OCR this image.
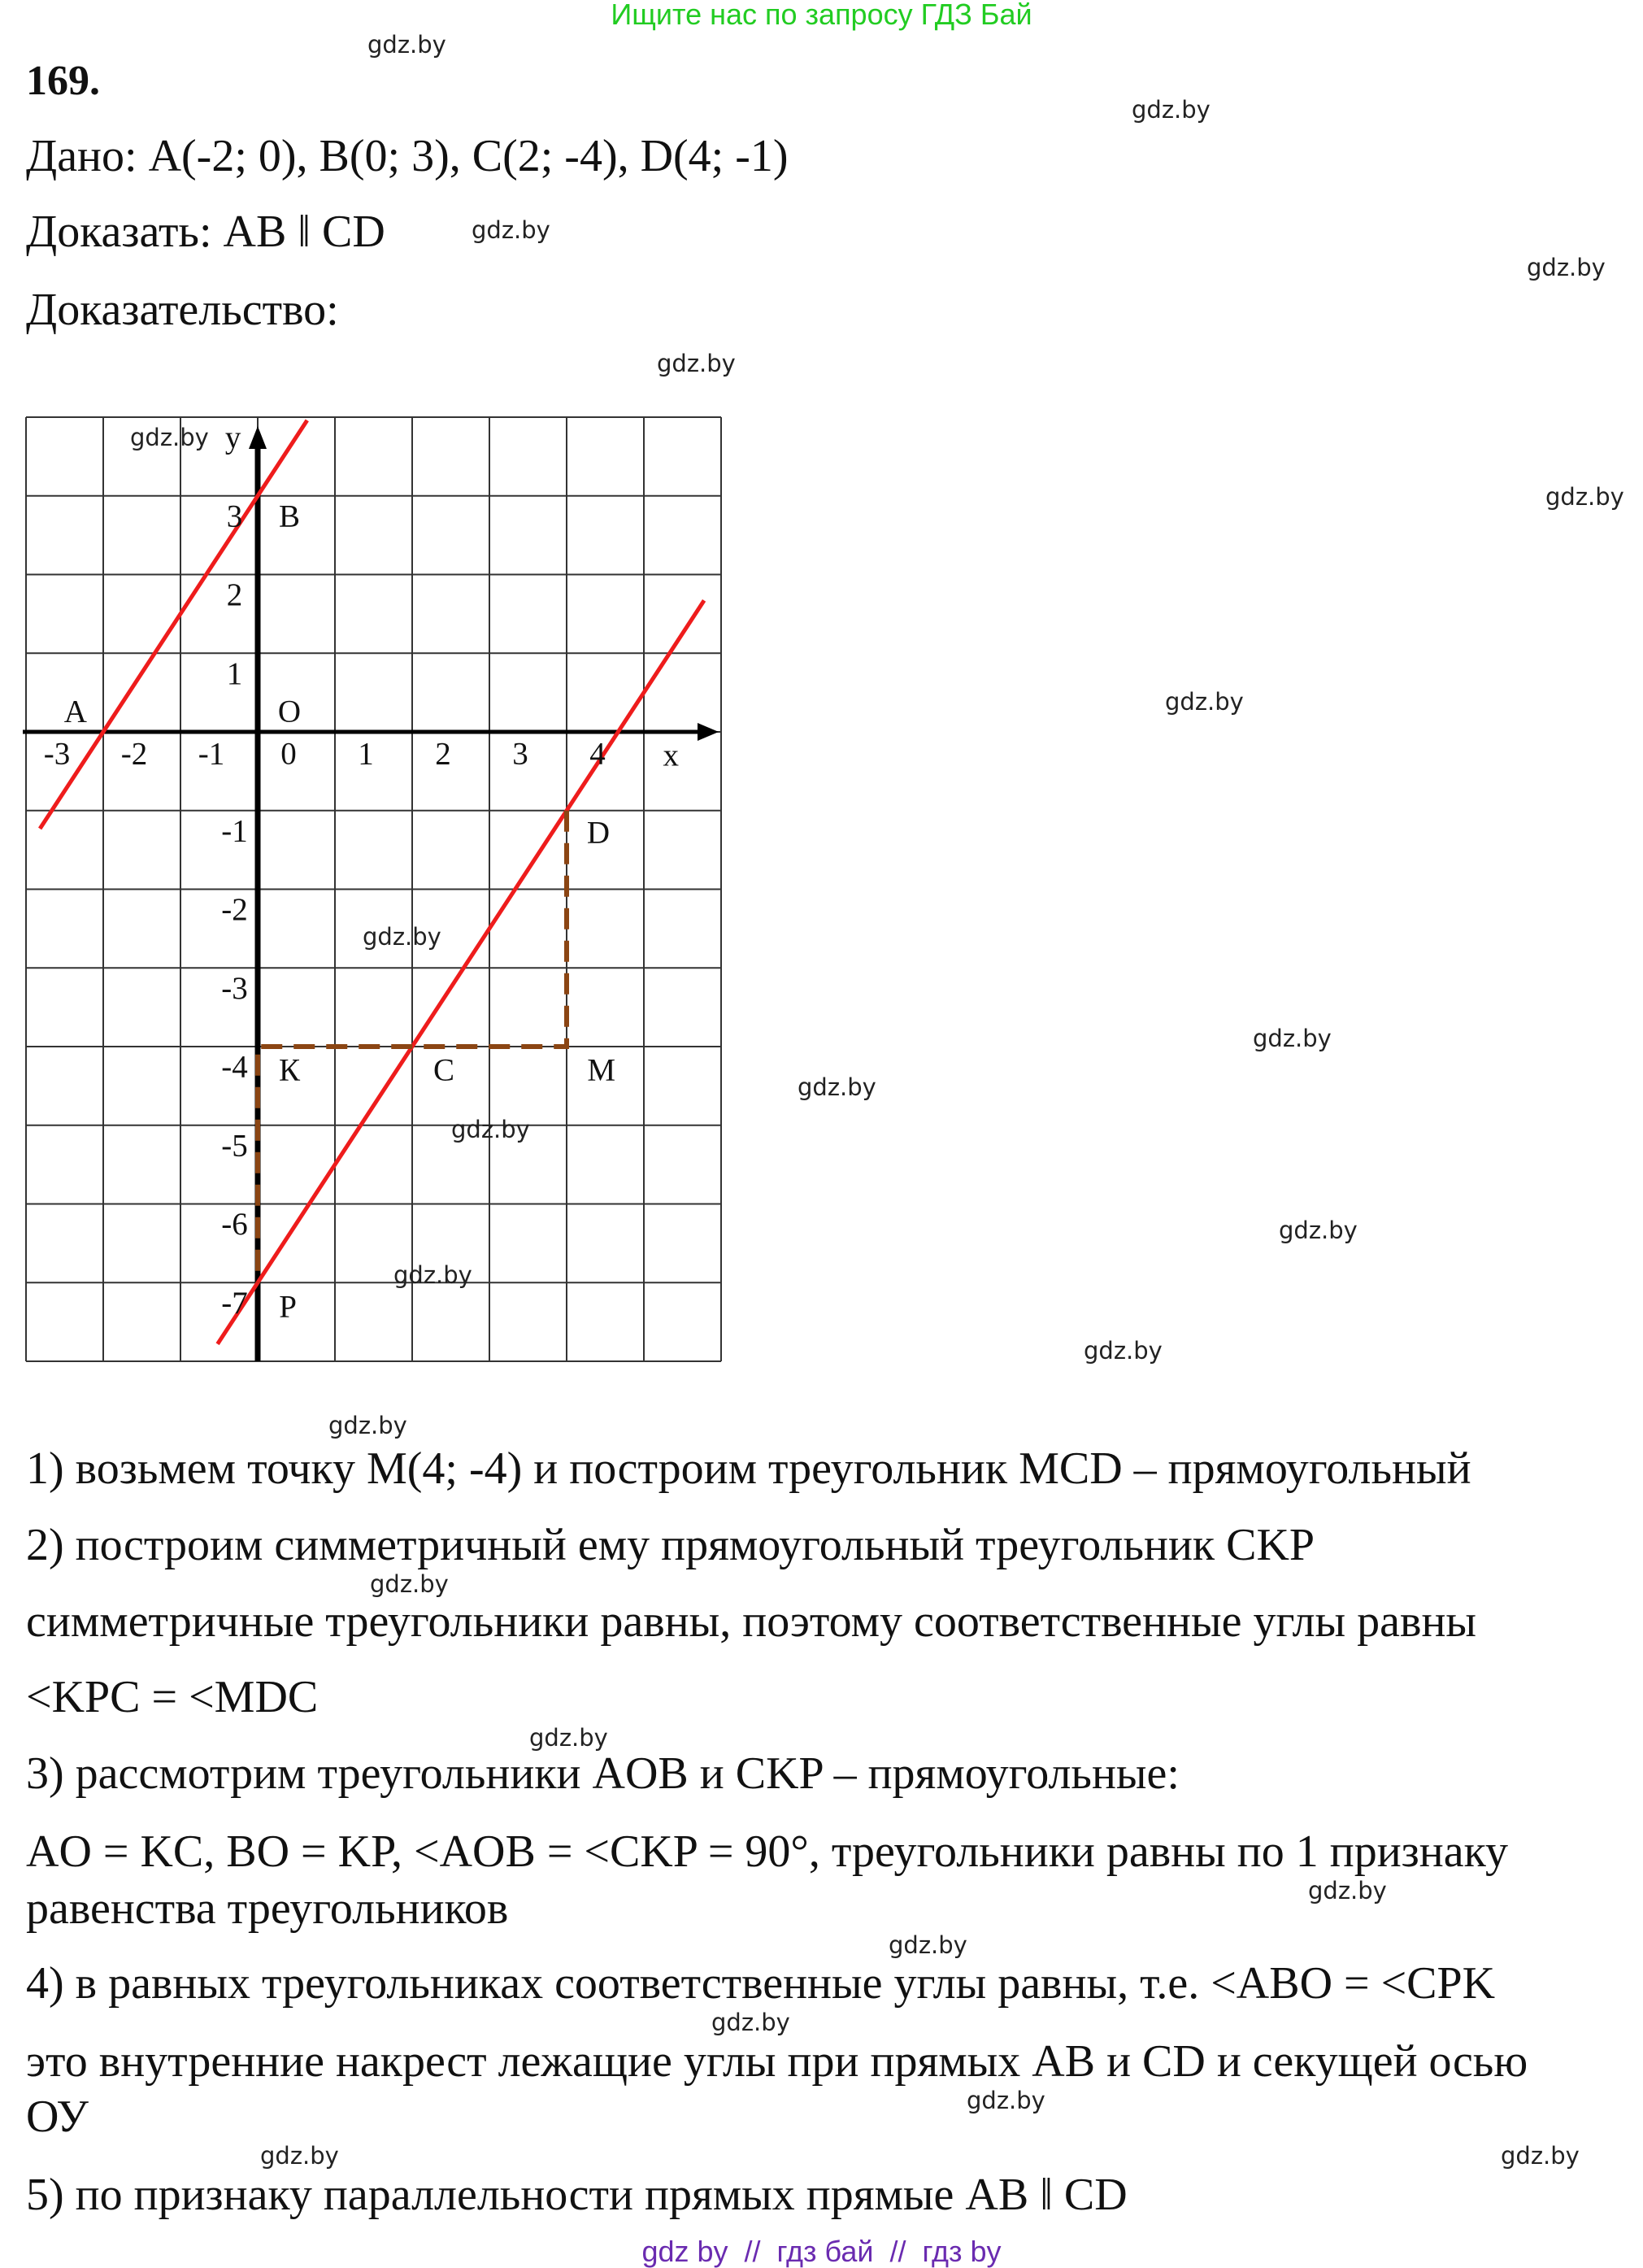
Ищите нас по запросу ГДЗ Бай
169.
Дано: A(-2; 0), B(0; 3), C(2; -4), D(4; -1)
Доказать: AB ǁ CD
Доказательство:
-3 -2 -1 0 1 2 3 4
3
2
1
-1
-2
-3
-4
-5
-6
-7
x
y
A
B
O
C
D
M
К
P
1) возьмем точку M(4; -4) и построим треугольник MCD – прямоугольный
2) построим симметричный ему прямоугольный треугольник CKP
симметричные треугольники равны, поэтому соответственные углы равны
<KPC = <MDC
3) рассмотрим треугольники AOB и CKP – прямоугольные:
AO = KC, BO = KP, <AOB = <CKP = 90°, треугольники равны по 1 признаку
равенства треугольников
4) в равных треугольниках соответственные углы равны, т.е. <ABO = <CPK
это внутренние накрест лежащие углы при прямых AB и CD и секущей осью
ОУ
5) по признаку параллельности прямых прямые AB ǁ CD
gdz by  //  гдз бай  //  гдз by
gdz.by
gdz.by
gdz.by
gdz.by
gdz.by
gdz.by
gdz.by
gdz.by
gdz.by
gdz.by
gdz.by
gdz.by
gdz.by
gdz.by
gdz.by
gdz.by
gdz.by
gdz.by
gdz.by
gdz.by
gdz.by
gdz.by
gdz.by	gdz.by
